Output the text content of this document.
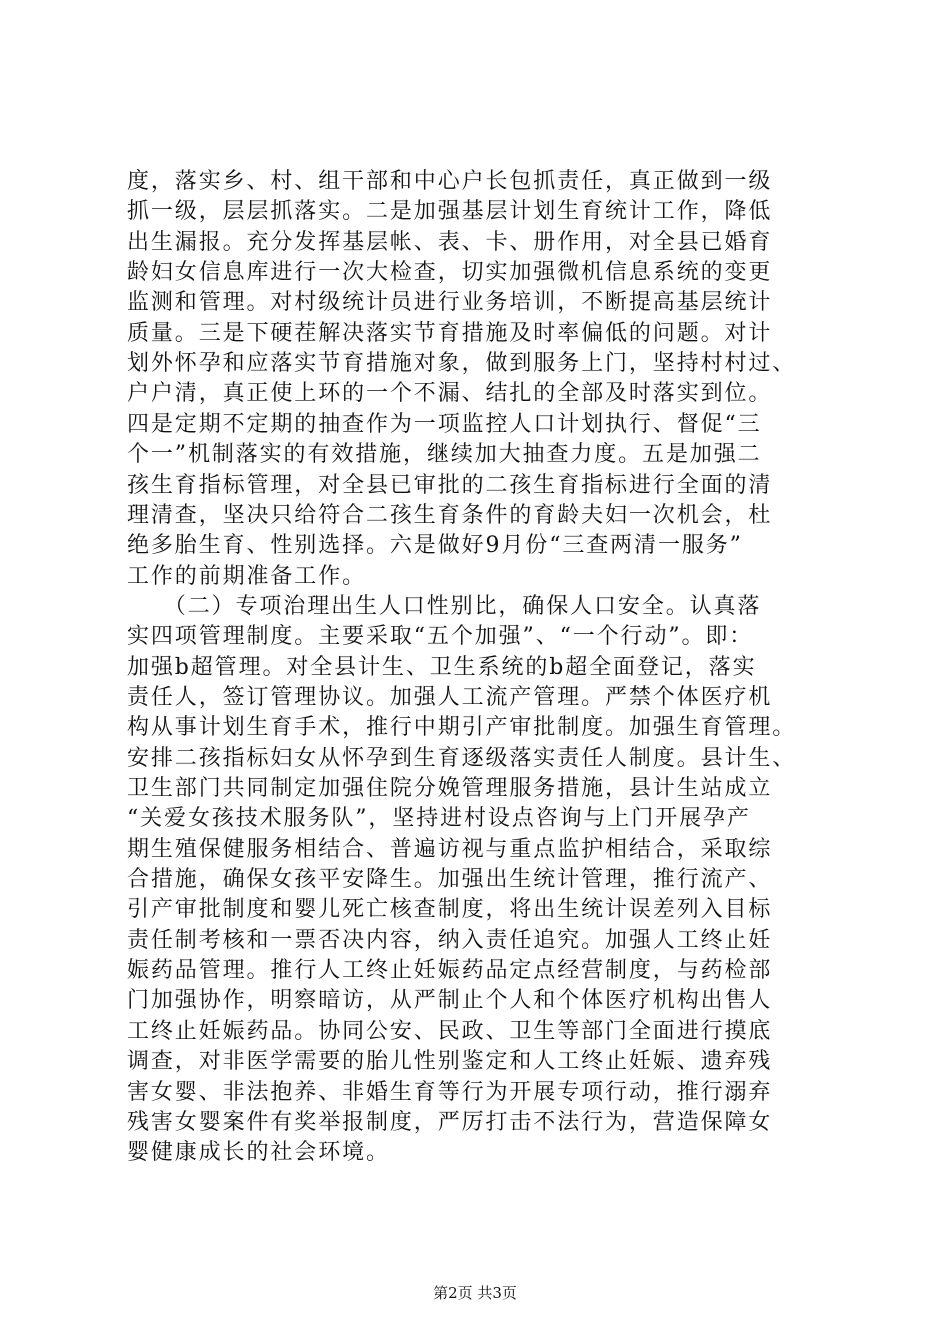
度，落实乡、村、组干部和中心户长包抓责任，真正做到一级
抓一级，层层抓落实。二是加强基层计划生育统计工作，降低
出生漏报。充分发挥基层帐、表、卡、册作用，对全县已婚育
龄妇女信息库进行一次大检查，切实加强微机信息系统的变更
监测和管理。对村级统计员进行业务培训，不断提高基层统计
质量。三是下硬茬解决落实节育措施及时率偏低的问题。对计
划外怀孕和应落实节育措施对象，做到服务上门，坚持村村过、
户户清，真正使上环的一个不漏、结扎的全部及时落实到位。
四是定期不定期的抽查作为一项监控人口计划执行、督促“三
个一”机制落实的有效措施，继续加大抽查力度。五是加强二
孩生育指标管理，对全县已审批的二孩生育指标进行全面的清
理清查，坚决只给符合二孩生育条件的育龄夫妇一次机会，杜
绝多胎生育、性别选择。六是做好9月份“三查两清一服务”
工作的前期准备工作。
　　（二）专项治理出生人口性别比，确保人口安全。认真落
实四项管理制度。主要采取“五个加强”、“一个行动”。即：
加强b超管理。对全县计生、卫生系统的b超全面登记，落实
责任人，签订管理协议。加强人工流产管理。严禁个体医疗机
构从事计划生育手术，推行中期引产审批制度。加强生育管理。
安排二孩指标妇女从怀孕到生育逐级落实责任人制度。县计生、
卫生部门共同制定加强住院分娩管理服务措施，县计生站成立
“关爱女孩技术服务队”，坚持进村设点咨询与上门开展孕产
期生殖保健服务相结合、普遍访视与重点监护相结合，采取综
合措施，确保女孩平安降生。加强出生统计管理，推行流产、
引产审批制度和婴儿死亡核查制度，将出生统计误差列入目标
责任制考核和一票否决内容，纳入责任追究。加强人工终止妊
娠药品管理。推行人工终止妊娠药品定点经营制度，与药检部
门加强协作，明察暗访，从严制止个人和个体医疗机构出售人
工终止妊娠药品。协同公安、民政、卫生等部门全面进行摸底
调查，对非医学需要的胎儿性别鉴定和人工终止妊娠、遗弃残
害女婴、非法抱养、非婚生育等行为开展专项行动，推行溺弃
残害女婴案件有奖举报制度，严厉打击不法行为，营造保障女
婴健康成长的社会环境。
第2页 共3页
